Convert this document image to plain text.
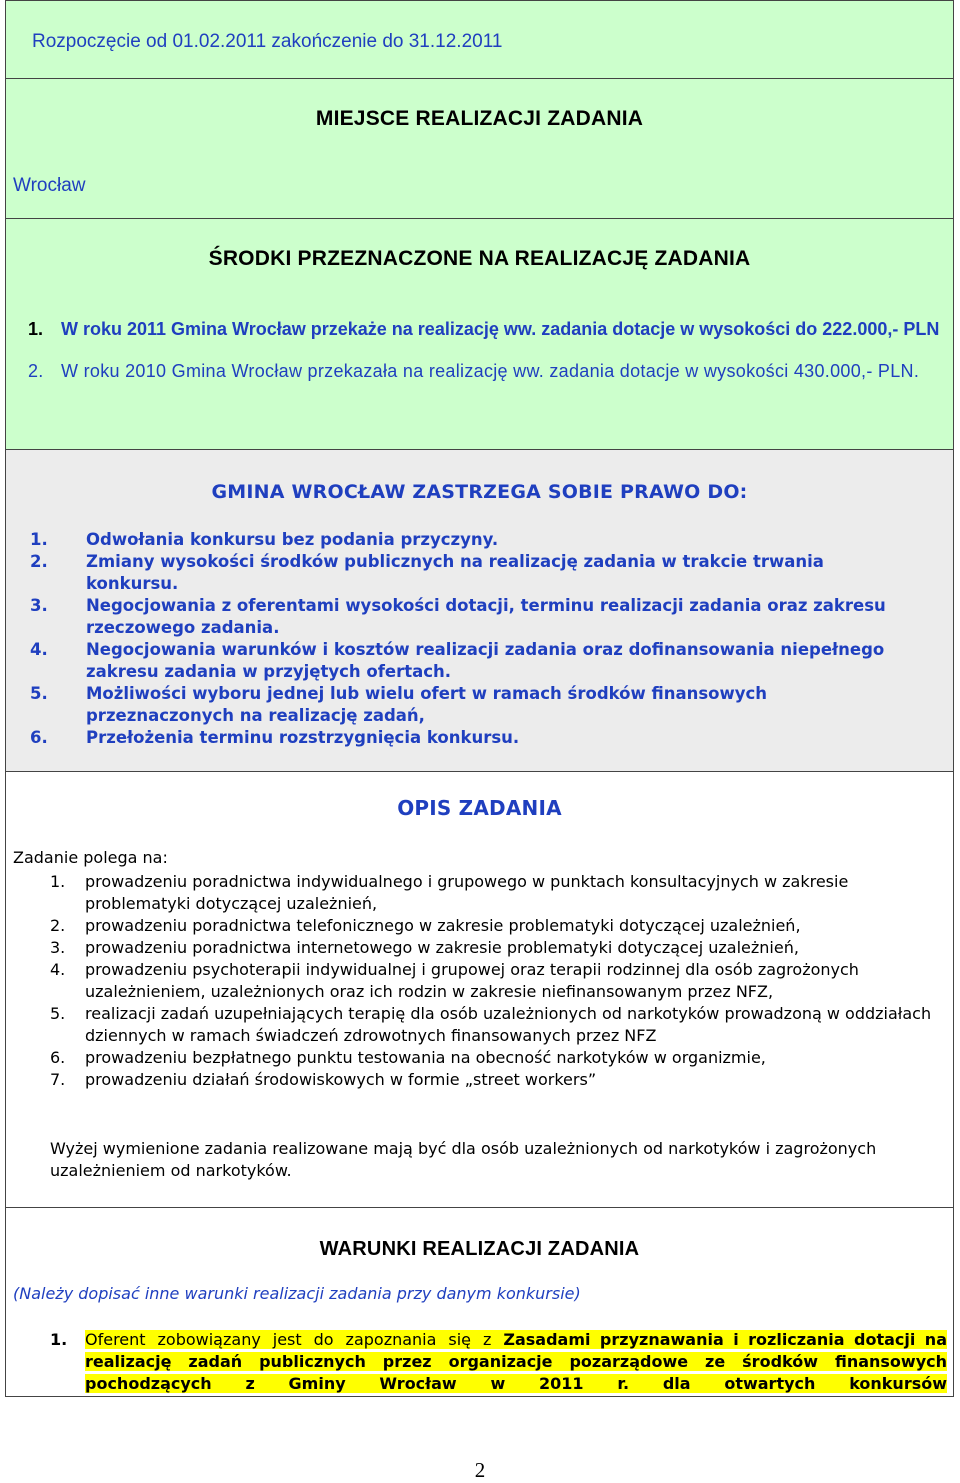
Rozpoczęcie od 01.02.2011 zakończenie do 31.12.2011
MIEJSCE REALIZACJI ZADANIA
Wrocław
ŚRODKI PRZEZNACZONE NA REALIZACJĘ ZADANIA
1. W roku 2011 Gmina Wrocław przekaże na realizację ww. zadania dotacje w wysokości do 222.000,- PLN
2. W roku 2010 Gmina Wrocław przekazała na realizację ww. zadania dotacje w wysokości 430.000,- PLN.
GMINA WROCŁAW ZASTRZEGA SOBIE PRAWO DO:
1. Odwołania konkursu bez podania przyczyny.
2. Zmiany wysokości środków publicznych na realizację zadania w trakcie trwania konkursu.
3. Negocjowania z oferentami wysokości dotacji, terminu realizacji zadania oraz zakresu rzeczowego zadania.
4. Negocjowania warunków i kosztów realizacji zadania oraz dofinansowania niepełnego zakresu zadania w przyjętych ofertach.
5. Możliwości wyboru jednej lub wielu ofert w ramach środków finansowych przeznaczonych na realizację zadań,
6. Przełożenia terminu rozstrzygnięcia konkursu.
OPIS ZADANIA
Zadanie polega na:
1. prowadzeniu poradnictwa indywidualnego i grupowego w punktach konsultacyjnych w zakresie problematyki dotyczącej uzależnień,
2. prowadzeniu poradnictwa telefonicznego w zakresie problematyki dotyczącej uzależnień,
3. prowadzeniu poradnictwa internetowego w zakresie problematyki dotyczącej uzależnień,
4. prowadzeniu psychoterapii indywidualnej i grupowej oraz terapii rodzinnej dla osób zagrożonych uzależnieniem, uzależnionych oraz ich rodzin w zakresie niefinansowanym przez NFZ,
5. realizacji zadań uzupełniających terapię dla osób uzależnionych od narkotyków prowadzoną w oddziałach dziennych w ramach świadczeń zdrowotnych finansowanych przez NFZ
6. prowadzeniu bezpłatnego punktu testowania na obecność narkotyków w organizmie,
7. prowadzeniu działań środowiskowych w formie „street workers”
Wyżej wymienione zadania realizowane mają być dla osób uzależnionych od narkotyków i zagrożonych uzależnieniem od narkotyków.
WARUNKI REALIZACJI ZADANIA
(Należy dopisać inne warunki realizacji zadania przy danym konkursie)
1.	Oferent zobowiązany jest do zapoznania się z Zasadami przyznawania i rozliczania dotacji na realizację zadań publicznych przez organizacje pozarządowe ze środków finansowych pochodzących z Gminy Wrocław w 2011 r. dla otwartych konkursów
2
